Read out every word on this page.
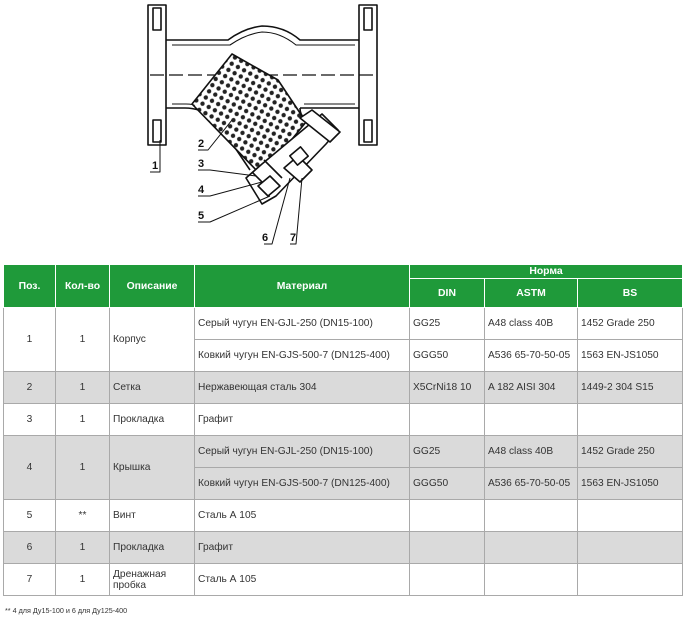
1
2
3
4
5
6 7
Поз.	Кол-во	Описание	Материал	Норма		
				DIN	ASTM	BS
1	1	Корпус	Серый чугун EN-GJL-250 (DN15-100)	GG25	A48 class 40B	1452 Grade 250
			Ковкий чугун EN-GJS-500-7 (DN125-400)	GGG50	A536 65-70-50-05	1563 EN-JS1050
2	1	Сетка	Нержавеющая сталь 304	X5CrNi18 10	A 182 AISI 304	1449-2 304 S15
3	1	Прокладка	Графит			
4	1	Крышка	Серый чугун EN-GJL-250 (DN15-100)	GG25	A48 class 40B	1452 Grade 250
			Ковкий чугун EN-GJS-500-7 (DN125-400)	GGG50	A536 65-70-50-05	1563 EN-JS1050
5	**	Винт	Сталь А 105			
6	1	Прокладка	Графит			
7	1	Дренажная пробка	Сталь А 105			
** 4 для Ду15-100 и 6 для Ду125-400
